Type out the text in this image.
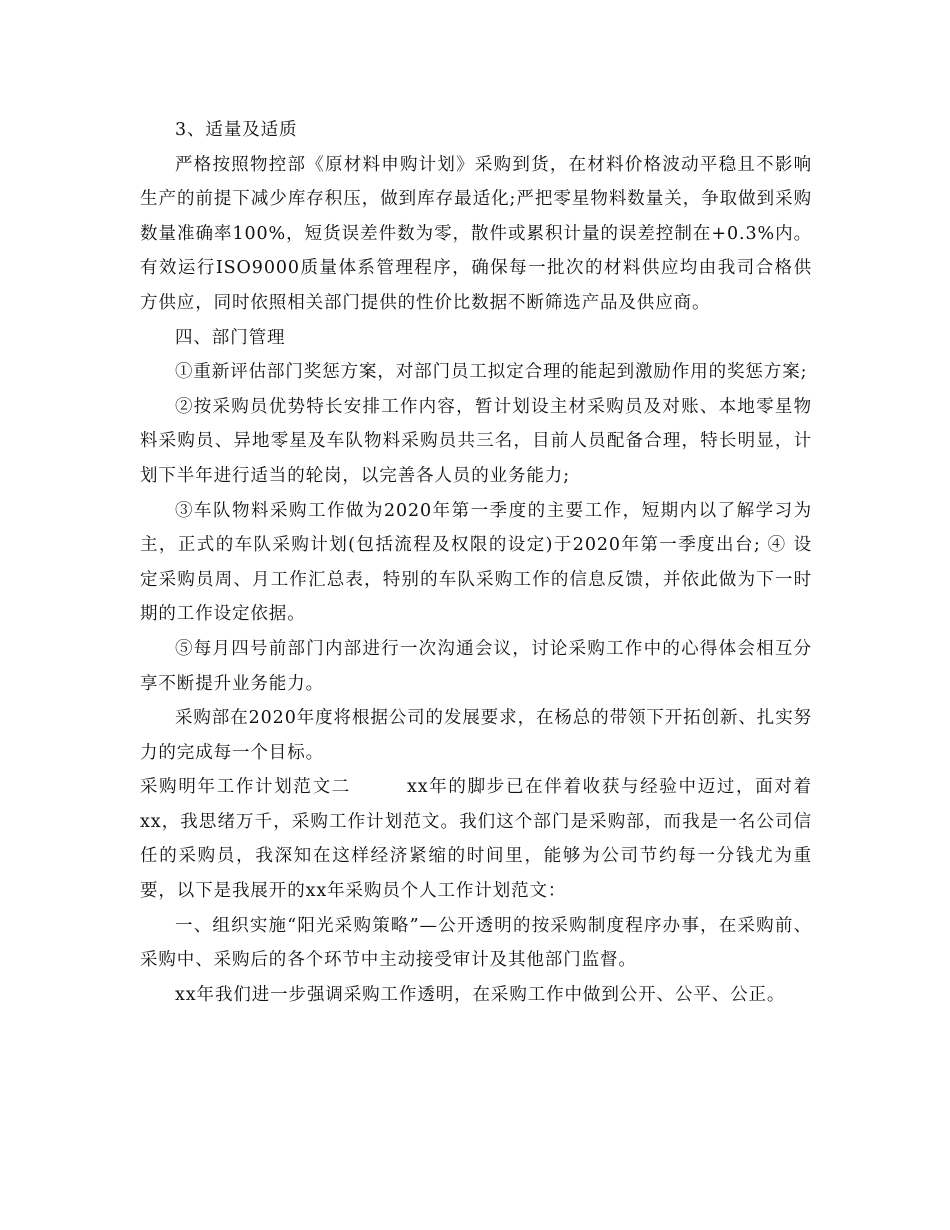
3、适量及适质

严格按照物控部《原材料申购计划》采购到货，在材料价格波动平稳且不影响生产的前提下减少库存积压，做到库存最适化;严把零星物料数量关，争取做到采购数量准确率100%，短货误差件数为零，散件或累积计量的误差控制在+0.3%内。有效运行ISO9000质量体系管理程序，确保每一批次的材料供应均由我司合格供方供应，同时依照相关部门提供的性价比数据不断筛选产品及供应商。

四、部门管理

①重新评估部门奖惩方案，对部门员工拟定合理的能起到激励作用的奖惩方案;

②按采购员优势特长安排工作内容，暂计划设主材采购员及对账、本地零星物料采购员、异地零星及车队物料采购员共三名，目前人员配备合理，特长明显，计划下半年进行适当的轮岗，以完善各人员的业务能力;

③车队物料采购工作做为2020年第一季度的主要工作，短期内以了解学习为主，正式的车队采购计划(包括流程及权限的设定)于2020年第一季度出台; ④ 设定采购员周、月工作汇总表，特别的车队采购工作的信息反馈，并依此做为下一时期的工作设定依据。

⑤每月四号前部门内部进行一次沟通会议，讨论采购工作中的心得体会相互分享不断提升业务能力。

采购部在2020年度将根据公司的发展要求，在杨总的带领下开拓创新、扎实努力的完成每一个目标。

采购明年工作计划范文二	xx年的脚步已在伴着收获与经验中迈过，面对着xx，我思绪万千，采购工作计划范文。我们这个部门是采购部，而我是一名公司信任的采购员，我深知在这样经济紧缩的时间里，能够为公司节约每一分钱尤为重要，以下是我展开的xx年采购员个人工作计划范文：

一、组织实施“阳光采购策略”—公开透明的按采购制度程序办事，在采购前、采购中、采购后的各个环节中主动接受审计及其他部门监督。

xx年我们进一步强调采购工作透明，在采购工作中做到公开、公平、公正。
